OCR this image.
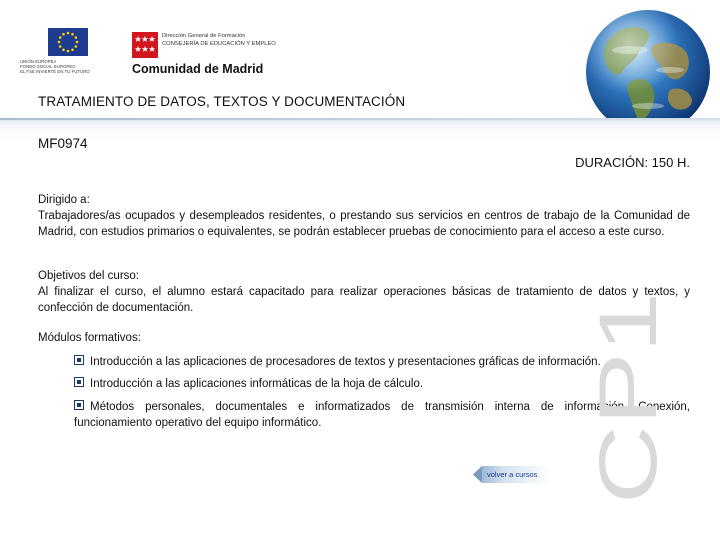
UNIÓN EUROPEA
FONDO SOCIAL EUROPEO
EL FSE INVIERTE EN TU FUTURO
Dirección General de Formación
CONSEJERÍA DE EDUCACIÓN Y EMPLEO
Comunidad de Madrid
TRATAMIENTO DE DATOS, TEXTOS Y DOCUMENTACIÓN
MF0974
DURACIÓN: 150 H.
Dirigido a:
Trabajadores/as ocupados y desempleados residentes, o prestando sus servicios en centros de trabajo de la Comunidad de Madrid, con estudios primarios o equivalentes, se podrán establecer pruebas de conocimiento para el acceso a este curso.
Objetivos del curso:
Al finalizar el curso, el alumno estará capacitado para realizar operaciones básicas de tratamiento de datos y textos, y confección de documentación.
Módulos formativos:
Introducción a las aplicaciones de procesadores de textos y presentaciones gráficas de información.
Introducción a las aplicaciones informáticas de la hoja de cálculo.
Métodos personales, documentales e informatizados de transmisión interna de información. Conexión, funcionamiento operativo del equipo informático.	CP1
volver a cursos
